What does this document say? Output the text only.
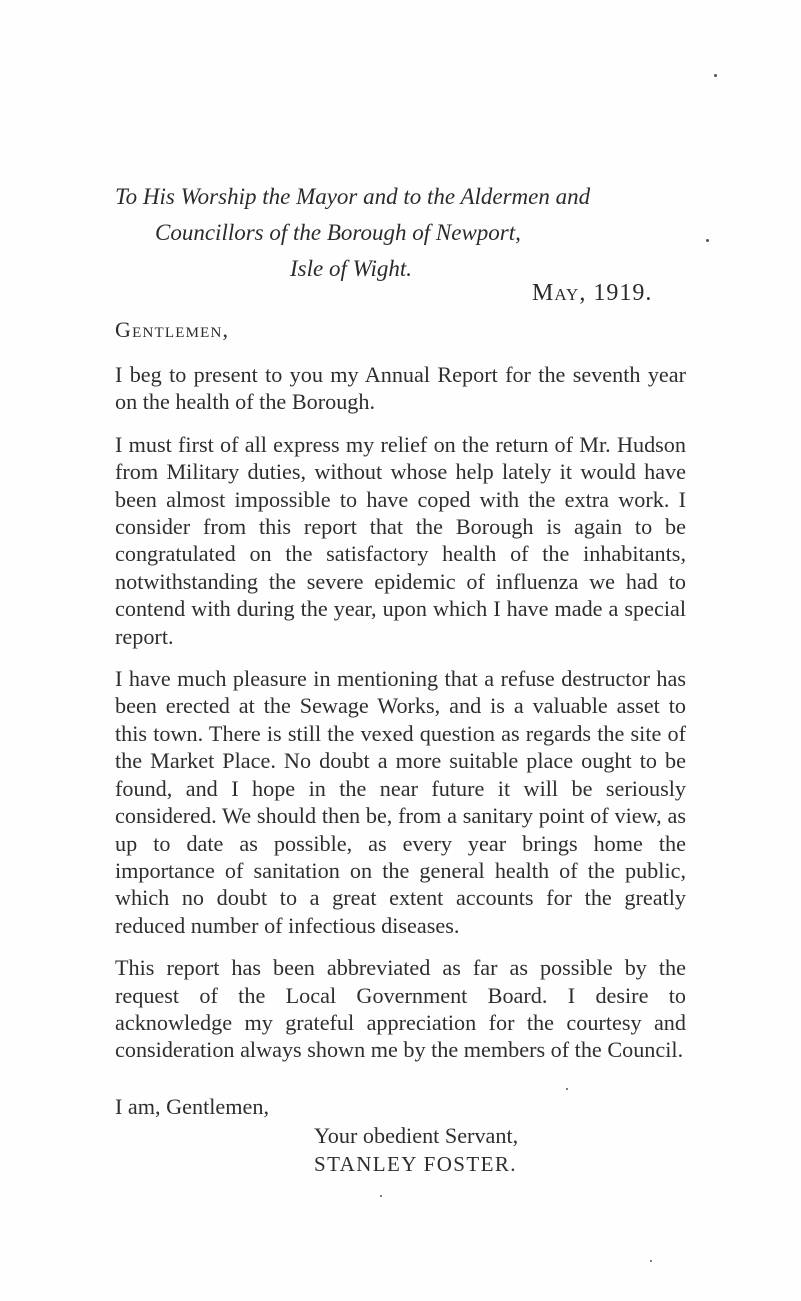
To His Worship the Mayor and to the Aldermen and
Councillors of the Borough of Newport,
Isle of Wight.
May, 1919.
Gentlemen,

I beg to present to you my Annual Report for the seventh year on the health of the Borough.

I must first of all express my relief on the return of Mr. Hudson from Military duties, without whose help lately it would have been almost impossible to have coped with the extra work. I consider from this report that the Borough is again to be congratulated on the satisfactory health of the inhabitants, notwithstanding the severe epidemic of influenza we had to contend with during the year, upon which I have made a special report.

I have much pleasure in mentioning that a refuse destructor has been erected at the Sewage Works, and is a valuable asset to this town. There is still the vexed question as regards the site of the Market Place. No doubt a more suitable place ought to be found, and I hope in the near future it will be seriously considered. We should then be, from a sanitary point of view, as up to date as possible, as every year brings home the importance of sanitation on the general health of the public, which no doubt to a great extent accounts for the greatly reduced number of infectious diseases.

This report has been abbreviated as far as possible by the request of the Local Government Board. I desire to acknowledge my grateful appreciation for the courtesy and consideration always shown me by the members of the Council.

I am, Gentlemen,
Your obedient Servant,
STANLEY FOSTER.
